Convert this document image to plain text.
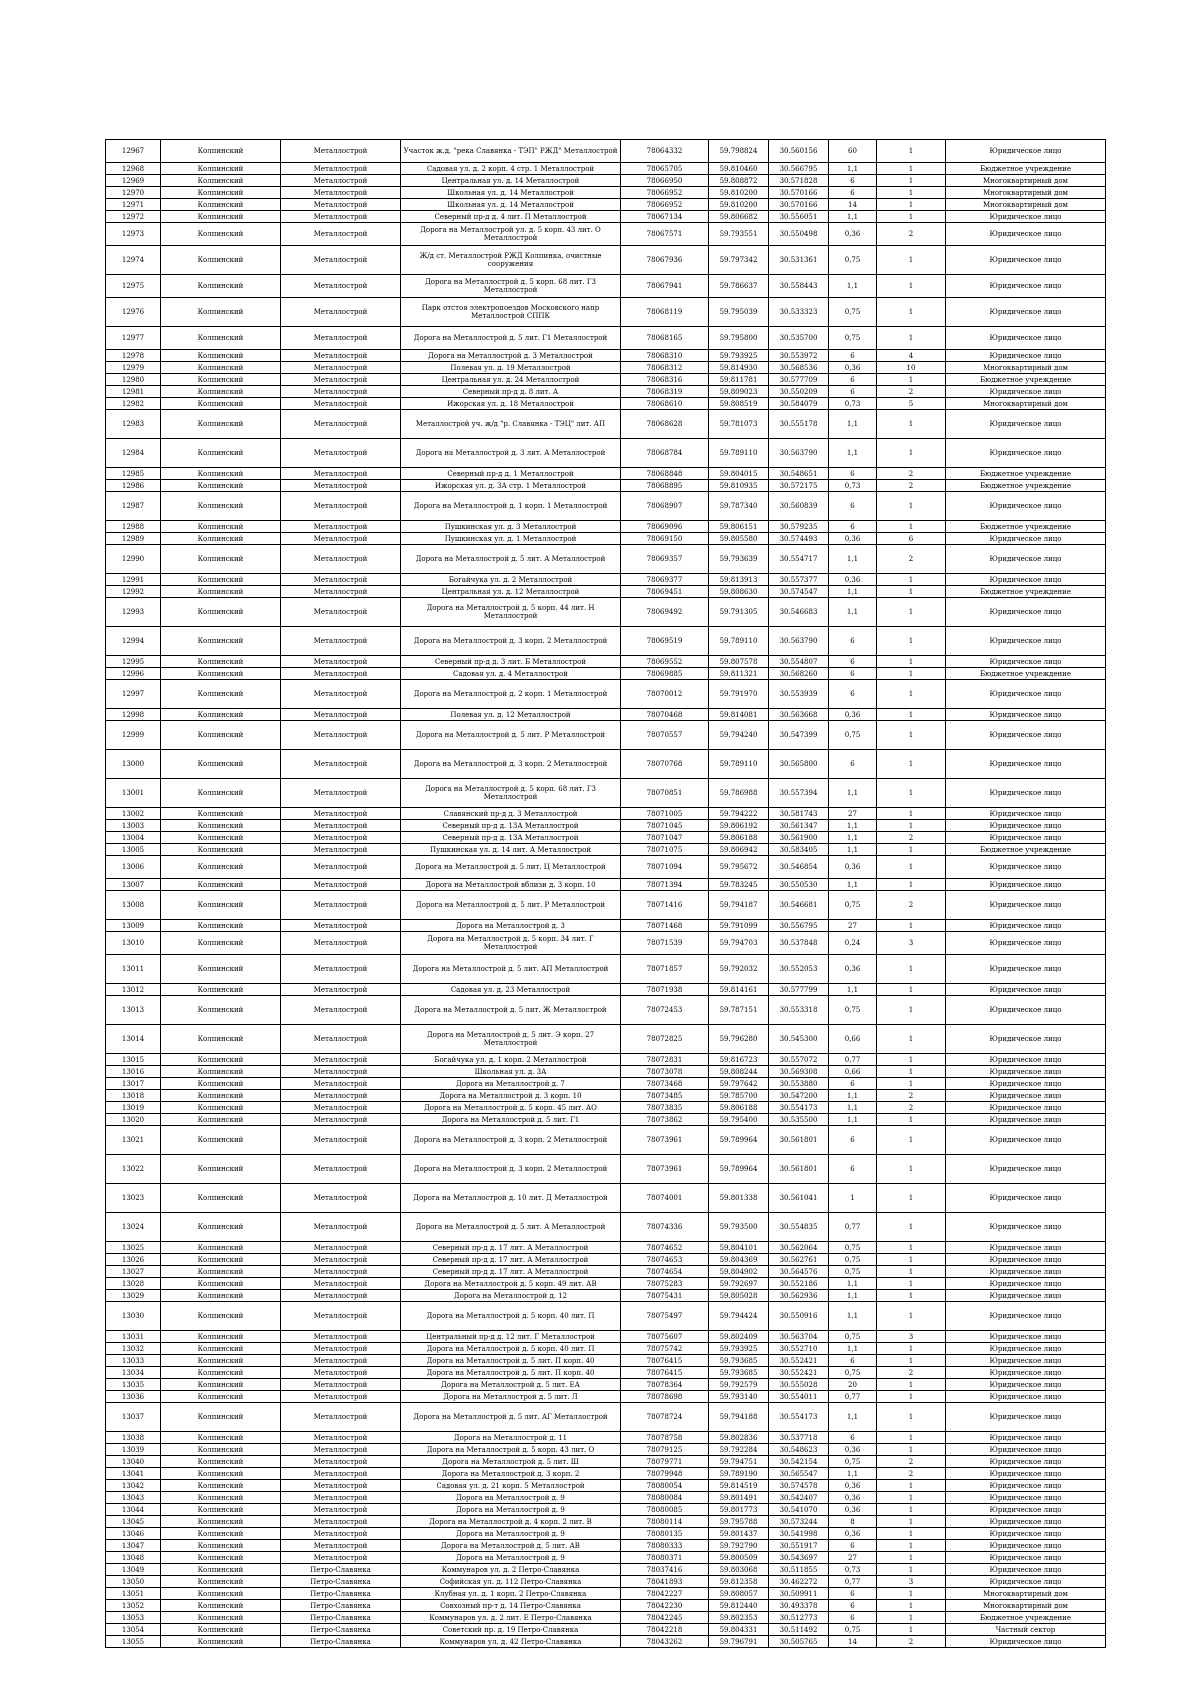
12967	Колпинский	Металлострой	Участок ж.д. "река Славянка - ТЭП" РЖД" Металлострой	78064332	59.798824	30.560156	60	1	Юридическое лицо
12968	Колпинский	Металлострой	Садовая ул. д. 2 корп. 4 стр. 1 Металлострой	78065705	59.810460	30.566795	1,1	1	Бюджетное учреждение
12969	Колпинский	Металлострой	Центральная ул. д. 14 Металлострой	78066950	59.808872	30.571828	6	1	Многоквартирный дом
12970	Колпинский	Металлострой	Школьная ул. д. 14 Металлострой	78066952	59.810200	30.570166	6	1	Многоквартирный дом
12971	Колпинский	Металлострой	Школьная ул. д. 14 Металлострой	78066952	59.810200	30.570166	14	1	Многоквартирный дом
12972	Колпинский	Металлострой	Северный пр-д д. 4 лит. П Металлострой	78067134	59.806682	30.556051	1,1	1	Юридическое лицо
12973	Колпинский	Металлострой	Дорога на Металлострой ул. д. 5 корп. 43 лит. О Металлострой	78067571	59.793551	30.550498	0,36	2	Юридическое лицо
12974	Колпинский	Металлострой	Ж/д ст. Металлострой РЖД Колпинка, очистные сооружения	78067936	59.797342	30.531361	0,75	1	Юридическое лицо
12975	Колпинский	Металлострой	Дорога на Металлострой д. 5 корп. 68 лит. Г3 Металлострой	78067941	59.786637	30.558443	1,1	1	Юридическое лицо
12976	Колпинский	Металлострой	Парк отстоя электропоездов Московского напр Металлострой СППК	78068119	59.795039	30.533323	0,75	1	Юридическое лицо
12977	Колпинский	Металлострой	Дорога на Металлострой д. 5 лит. Г1 Металлострой	78068165	59.795800	30.535700	0,75	1	Юридическое лицо
12978	Колпинский	Металлострой	Дорога на Металлострой д. 3 Металлострой	78068310	59.793925	30.553972	6	4	Юридическое лицо
12979	Колпинский	Металлострой	Полевая ул. д. 19 Металлострой	78068312	59.814930	30.568536	0,36	10	Многоквартирный дом
12980	Колпинский	Металлострой	Центральная ул. д. 24 Металлострой	78068316	59.811781	30.577709	6	1	Бюджетное учреждение
12981	Колпинский	Металлострой	Северный пр-д д. 8 лит. А	78068319	59.809023	30.550209	6	2	Юридическое лицо
12982	Колпинский	Металлострой	Ижорская ул. д. 18 Металлострой	78068610	59.808519	30.584079	0,73	5	Многоквартирный дом
12983	Колпинский	Металлострой	Металлострой уч. ж/д "р. Славянка - ТЭЦ" лит. АП	78068628	59.781073	30.555178	1,1	1	Юридическое лицо
12984	Колпинский	Металлострой	Дорога на Металлострой д. 3 лит. А Металлострой	78068784	59.789110	30.563790	1,1	1	Юридическое лицо
12985	Колпинский	Металлострой	Северный пр-д д. 1 Металлострой	78068848	59.804015	30.548651	6	2	Бюджетное учреждение
12986	Колпинский	Металлострой	Ижорская ул. д. 3А стр. 1 Металлострой	78068895	59.810935	30.572175	0,73	2	Бюджетное учреждение
12987	Колпинский	Металлострой	Дорога на Металлострой д. 1 корп. 1 Металлострой	78068907	59.787340	30.560839	6	1	Юридическое лицо
12988	Колпинский	Металлострой	Пушкинская ул. д. 3 Металлострой	78069096	59.806151	30.579235	6	1	Бюджетное учреждение
12989	Колпинский	Металлострой	Пушкинская ул. д. 1 Металлострой	78069150	59.805580	30.574493	0,36	6	Юридическое лицо
12990	Колпинский	Металлострой	Дорога на Металлострой д. 5 лит. А Металлострой	78069357	59.793639	30.554717	1,1	2	Юридическое лицо
12991	Колпинский	Металлострой	Богайчука ул. д. 2 Металлострой	78069377	59.813913	30.557377	0,36	1	Юридическое лицо
12992	Колпинский	Металлострой	Центральная ул. д. 12 Металлострой	78069451	59.808630	30.574547	1,1	1	Бюджетное учреждение
12993	Колпинский	Металлострой	Дорога на Металлострой д. 5 корп. 44 лит. Н Металлострой	78069492	59.791305	30.546683	1,1	1	Юридическое лицо
12994	Колпинский	Металлострой	Дорога на Металлострой д. 3 корп. 2 Металлострой	78069519	59.789110	30.563790	6	1	Юридическое лицо
12995	Колпинский	Металлострой	Северный пр-д д. 3 лит. Б Металлострой	78069552	59.807578	30.554807	6	1	Юридическое лицо
12996	Колпинский	Металлострой	Садовая ул. д. 4 Металлострой	78069885	59.811321	30.568260	6	1	Бюджетное учреждение
12997	Колпинский	Металлострой	Дорога на Металлострой д. 2 корп. 1 Металлострой	78070012	59.791970	30.553939	6	1	Юридическое лицо
12998	Колпинский	Металлострой	Полевая ул. д. 12 Металлострой	78070468	59.814081	30.563668	0,36	1	Юридическое лицо
12999	Колпинский	Металлострой	Дорога на Металлострой д. 5 лит. Р Металлострой	78070557	59.794240	30.547399	0,75	1	Юридическое лицо
13000	Колпинский	Металлострой	Дорога на Металлострой д. 3 корп. 2 Металлострой	78070768	59.789110	30.565800	6	1	Юридическое лицо
13001	Колпинский	Металлострой	Дорога на Металлострой д. 5 корп. 68 лит. Г3 Металлострой	78070851	59.786988	30.557394	1,1	1	Юридическое лицо
13002	Колпинский	Металлострой	Славянский пр-д д. 3 Металлострой	78071005	59.794222	30.581743	27	1	Юридическое лицо
13003	Колпинский	Металлострой	Северный пр-д д. 13А Металлострой	78071045	59.806192	30.561347	1,1	1	Юридическое лицо
13004	Колпинский	Металлострой	Северный пр-д д. 13А Металлострой	78071047	59.806188	30.561900	1,1	2	Юридическое лицо
13005	Колпинский	Металлострой	Пушкинская ул. д. 14 лит. А Металлострой	78071075	59.806942	30.583405	1,1	1	Бюджетное учреждение
13006	Колпинский	Металлострой	Дорога на Металлострой д. 5 лит. Ц Металлострой	78071094	59.795672	30.546854	0,36	1	Юридическое лицо
13007	Колпинский	Металлострой	Дорога на Металлострой вблизи д. 3 корп. 10	78071394	59.783245	30.550530	1,1	1	Юридическое лицо
13008	Колпинский	Металлострой	Дорога на Металлострой д. 5 лит. Р Металлострой	78071416	59.794187	30.546681	0,75	2	Юридическое лицо
13009	Колпинский	Металлострой	Дорога на Металлострой д. 3	78071468	59.791099	30.556795	27	1	Юридическое лицо
13010	Колпинский	Металлострой	Дорога на Металлострой д. 5 корп. 34 лит. Г Металлострой	78071539	59.794703	30.537848	0,24	3	Юридическое лицо
13011	Колпинский	Металлострой	Дорога на Металлострой д. 5 лит. АП Металлострой	78071857	59.792032	30.552053	0,36	1	Юридическое лицо
13012	Колпинский	Металлострой	Садовая ул. д. 23 Металлострой	78071938	59.814161	30.577799	1,1	1	Юридическое лицо
13013	Колпинский	Металлострой	Дорога на Металлострой д. 5 лит. Ж Металлострой	78072453	59.787151	30.553318	0,75	1	Юридическое лицо
13014	Колпинский	Металлострой	Дорога на Металлострой д. 5 лит. Э корп. 27 Металлострой	78072825	59.796280	30.545300	0,66	1	Юридическое лицо
13015	Колпинский	Металлострой	Богайчука ул. д. 1 корп. 2 Металлострой	78072831	59.816723	30.557072	0,77	1	Юридическое лицо
13016	Колпинский	Металлострой	Школьная ул. д. 3А	78073078	59.808244	30.569308	0,66	1	Юридическое лицо
13017	Колпинский	Металлострой	Дорога на Металлострой д. 7	78073468	59.797642	30.553880	6	1	Юридическое лицо
13018	Колпинский	Металлострой	Дорога на Металлострой д. 3 корп. 10	78073485	59.785700	30.547200	1,1	2	Юридическое лицо
13019	Колпинский	Металлострой	Дорога на Металлострой д. 5 корп. 45 лит. АО	78073835	59.806188	30.554173	1,1	2	Юридическое лицо
13020	Колпинский	Металлострой	Дорога на Металлострой д. 5 лит. Г1	78073862	59.795400	30.535500	1,1	1	Юридическое лицо
13021	Колпинский	Металлострой	Дорога на Металлострой д. 3 корп. 2 Металлострой	78073961	59.789964	30.561801	6	1	Юридическое лицо
13022	Колпинский	Металлострой	Дорога на Металлострой д. 3 корп. 2 Металлострой	78073961	59.789964	30.561801	6	1	Юридическое лицо
13023	Колпинский	Металлострой	Дорога на Металлострой д. 10 лит. Д Металлострой	78074001	59.801338	30.561041	1	1	Юридическое лицо
13024	Колпинский	Металлострой	Дорога на Металлострой д. 5 лит. А Металлострой	78074336	59.793500	30.554835	0,77	1	Юридическое лицо
13025	Колпинский	Металлострой	Северный пр-д д. 17 лит. А Металлострой	78074652	59.804101	30.562064	0,75	1	Юридическое лицо
13026	Колпинский	Металлострой	Северный пр-д д. 17 лит. А Металлострой	78074653	59.804369	30.562761	0,75	1	Юридическое лицо
13027	Колпинский	Металлострой	Северный пр-д д. 17 лит. А Металлострой	78074654	59.804902	30.564576	0,75	1	Юридическое лицо
13028	Колпинский	Металлострой	Дорога на Металлострой д. 5 корп. 49 лит. АВ	78075283	59.792697	30.552186	1,1	1	Юридическое лицо
13029	Колпинский	Металлострой	Дорога на Металлострой д. 12	78075431	59.805028	30.562936	1,1	1	Юридическое лицо
13030	Колпинский	Металлострой	Дорога на Металлострой д. 5 корп. 40 лит. П	78075497	59.794424	30.550916	1,1	1	Юридическое лицо
13031	Колпинский	Металлострой	Центральный пр-д д. 12 лит. Г Металлострой	78075607	59.802409	30.563704	0,75	3	Юридическое лицо
13032	Колпинский	Металлострой	Дорога на Металлострой д. 5 корп. 40 лит. П	78075742	59.793925	30.552710	1,1	1	Юридическое лицо
13033	Колпинский	Металлострой	Дорога на Металлострой д. 5 лит. П корп. 40	78076415	59.793685	30.552421	6	1	Юридическое лицо
13034	Колпинский	Металлострой	Дорога на Металлострой д. 5 лит. П корп. 40	78076415	59.793685	30.552421	0,75	2	Юридическое лицо
13035	Колпинский	Металлострой	Дорога на Металлострой д. 5 лит. ЕА	78078364	59.792579	30.555028	20	1	Юридическое лицо
13036	Колпинский	Металлострой	Дорога на Металлострой д. 5 лит. Л	78078698	59.793140	30.554011	0,77	1	Юридическое лицо
13037	Колпинский	Металлострой	Дорога на Металлострой д. 5 лит. АГ Металлострой	78078724	59.794188	30.554173	1,1	1	Юридическое лицо
13038	Колпинский	Металлострой	Дорога на Металлострой д. 11	78078758	59.802836	30.537718	6	1	Юридическое лицо
13039	Колпинский	Металлострой	Дорога на Металлострой д. 5 корп. 43 лит. О	78079125	59.792284	30.548623	0,36	1	Юридическое лицо
13040	Колпинский	Металлострой	Дорога на Металлострой д. 5 лит. Ш	78079771	59.794751	30.542154	0,75	2	Юридическое лицо
13041	Колпинский	Металлострой	Дорога на Металлострой д. 3 корп. 2	78079948	59.789190	30.565547	1,1	2	Юридическое лицо
13042	Колпинский	Металлострой	Садовая ул. д. 21 корп. 5 Металлострой	78080054	59.814519	30.574578	0,36	1	Юридическое лицо
13043	Колпинский	Металлострой	Дорога на Металлострой д. 9	78080084	59.801491	30.542407	0,36	1	Юридическое лицо
13044	Колпинский	Металлострой	Дорога на Металлострой д. 9	78080085	59.801773	30.541070	0,36	1	Юридическое лицо
13045	Колпинский	Металлострой	Дорога на Металлострой д. 4 корп. 2 лит. В	78080114	59.795788	30.573244	8	1	Юридическое лицо
13046	Колпинский	Металлострой	Дорога на Металлострой д. 9	78080135	59.801437	30.541998	0,36	1	Юридическое лицо
13047	Колпинский	Металлострой	Дорога на Металлострой д. 5 лит. АВ	78080333	59.792790	30.551917	6	1	Юридическое лицо
13048	Колпинский	Металлострой	Дорога на Металлострой д. 9	78080371	59.800509	30.543697	27	1	Юридическое лицо
13049	Колпинский	Петро-Славянка	Коммунаров ул. д. 2 Петро-Славянка	78037416	59.803068	30.511855	0,73	1	Юридическое лицо
13050	Колпинский	Петро-Славянка	Софийская ул. д. 112 Петро-Славянка	78041893	59.812358	30.462272	0,77	3	Юридическое лицо
13051	Колпинский	Петро-Славянка	Клубная ул. д. 1 корп. 2 Петро-Славянка	78042227	59.808057	30.509911	6	1	Многоквартирный дом
13052	Колпинский	Петро-Славянка	Совхозный пр-т д. 14 Петро-Славянка	78042230	59.812440	30.493378	6	1	Многоквартирный дом
13053	Колпинский	Петро-Славянка	Коммунаров ул. д. 2 лит. Е Петро-Славянка	78042245	59.802353	30.512773	6	1	Бюджетное учреждение
13054	Колпинский	Петро-Славянка	Советский пр. д. 19 Петро-Славянка	78042218	59.804331	30.511492	0,75	1	Частный сектор
13055	Колпинский	Петро-Славянка	Коммунаров ул. д. 42 Петро-Славянка	78043262	59.796791	30.505765	14	2	Юридическое лицо
